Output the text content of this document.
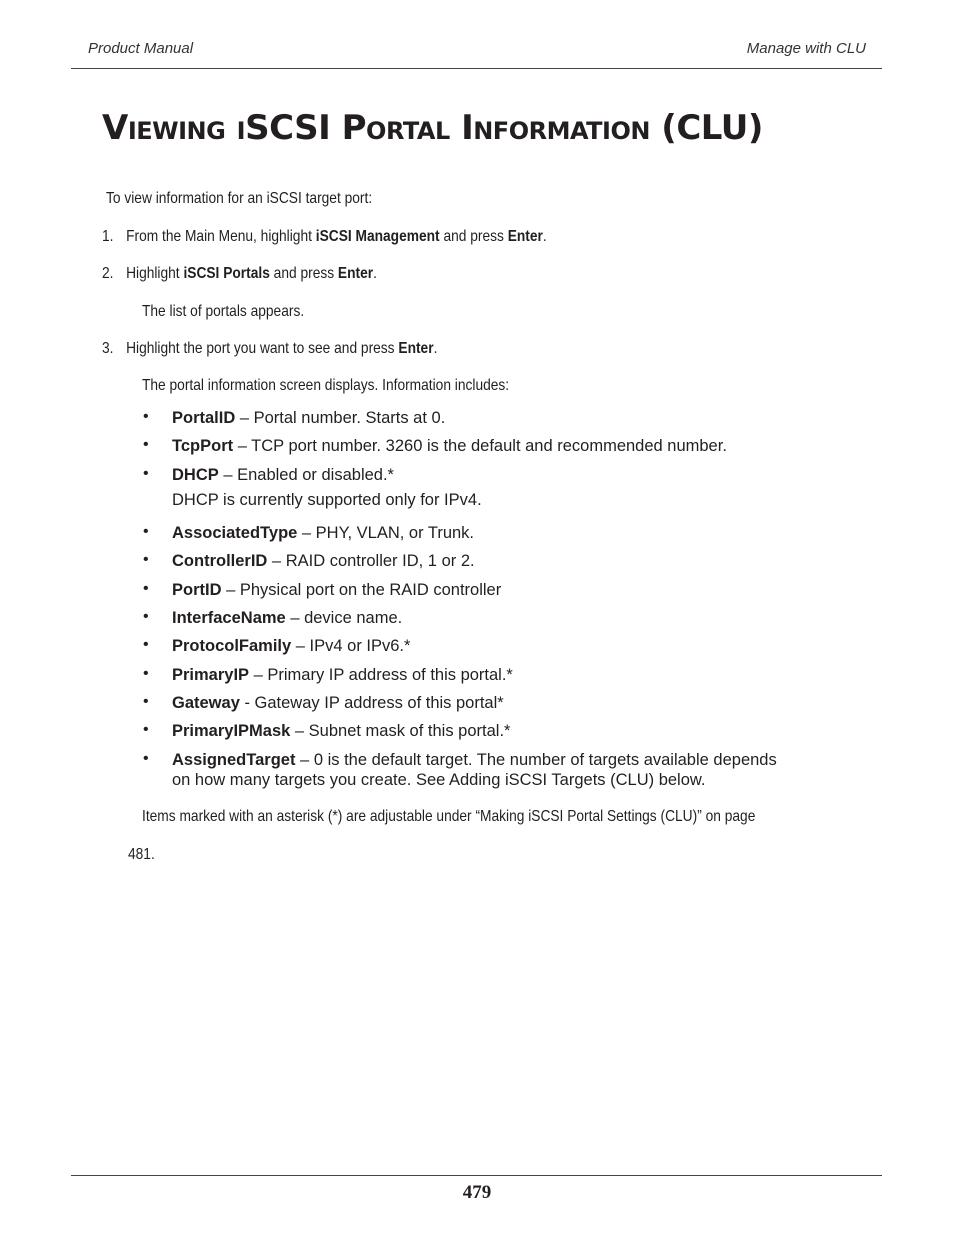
Product Manual	Manage with CLU
Viewing iSCSI Portal Information (CLU)
To view information for an iSCSI target port:
1. From the Main Menu, highlight iSCSI Management and press Enter.
2. Highlight iSCSI Portals and press Enter.
The list of portals appears.
3. Highlight the port you want to see and press Enter.
The portal information screen displays. Information includes:
• PortalID – Portal number. Starts at 0.
• TcpPort – TCP port number. 3260 is the default and recommended number.
• DHCP – Enabled or disabled.*
DHCP is currently supported only for IPv4.
• AssociatedType – PHY, VLAN, or Trunk.
• ControllerID – RAID controller ID, 1 or 2.
• PortID – Physical port on the RAID controller
• InterfaceName – device name.
• ProtocolFamily – IPv4 or IPv6.*
• PrimaryIP – Primary IP address of this portal.*
• Gateway - Gateway IP address of this portal*
• PrimaryIPMask – Subnet mask of this portal.*
• AssignedTarget – 0 is the default target. The number of targets available depends
on how many targets you create. See Adding iSCSI Targets (CLU) below.
Items marked with an asterisk (*) are adjustable under “Making iSCSI Portal Settings (CLU)” on page
481.
479
